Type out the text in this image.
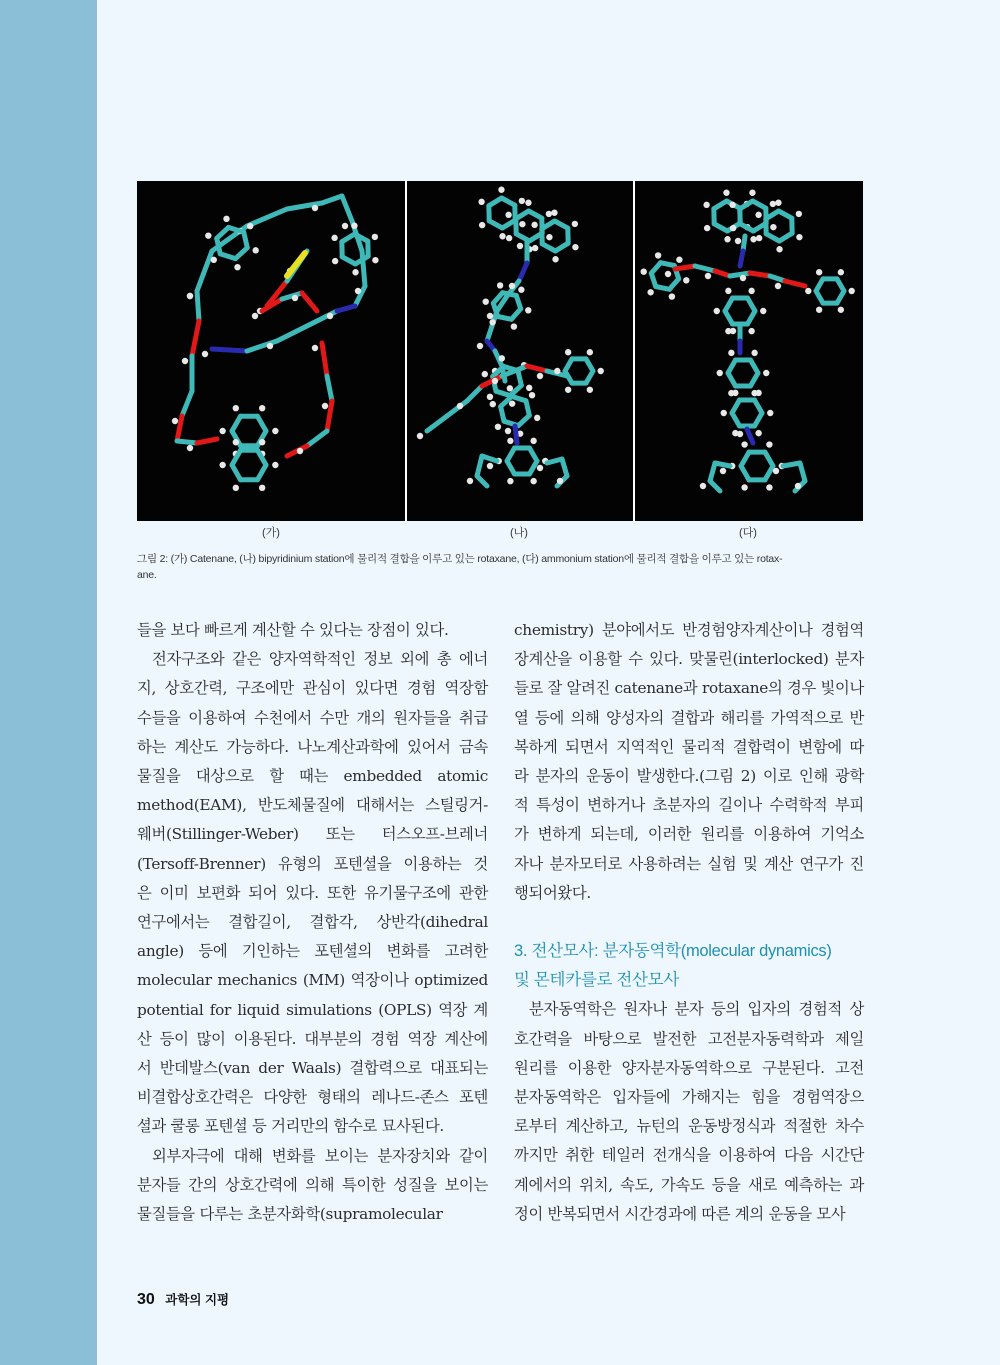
(가)	(나)	(다)
그림 2: (가) Catenane, (나) bipyridinium station에 물리적 결합을 이루고 있는 rotaxane, (다) ammonium station에 물리적 결합을 이루고 있는 rotax-
ane.
들을 보다 빠르게 계산할 수 있다는 장점이 있다.
전자구조와 같은 양자역학적인 정보 외에 총 에너
지, 상호간력, 구조에만 관심이 있다면 경험 역장함
수들을 이용하여 수천에서 수만 개의 원자들을 취급
하는 계산도 가능하다. 나노계산과학에 있어서 금속
물질을 대상으로 할 때는 embedded atomic
method(EAM), 반도체물질에 대해서는 스틸링거-
웨버(Stillinger-Weber) 또는 터스오프-브레너
(Tersoff-Brenner) 유형의 포텐셜을 이용하는 것
은 이미 보편화 되어 있다. 또한 유기물구조에 관한
연구에서는 결합길이, 결합각, 상반각(dihedral
angle) 등에 기인하는 포텐셜의 변화를 고려한
molecular mechanics (MM) 역장이나 optimized
potential for liquid simulations (OPLS) 역장 계
산 등이 많이 이용된다. 대부분의 경험 역장 계산에
서 반데발스(van der Waals) 결합력으로 대표되는
비결합상호간력은 다양한 형태의 레나드-존스 포텐
셜과 쿨롱 포텐셜 등 거리만의 함수로 묘사된다.
외부자극에 대해 변화를 보이는 분자장치와 같이
분자들 간의 상호간력에 의해 특이한 성질을 보이는
물질들을 다루는 초분자화학(supramolecular
chemistry) 분야에서도 반경험양자계산이나 경험역
장계산을 이용할 수 있다. 맞물린(interlocked) 분자
들로 잘 알려진 catenane과 rotaxane의 경우 빛이나
열 등에 의해 양성자의 결합과 해리를 가역적으로 반
복하게 되면서 지역적인 물리적 결합력이 변함에 따
라 분자의 운동이 발생한다.(그림 2) 이로 인해 광학
적 특성이 변하거나 초분자의 길이나 수력학적 부피
가 변하게 되는데, 이러한 원리를 이용하여 기억소
자나 분자모터로 사용하려는 실험 및 계산 연구가 진
행되어왔다.
3. 전산모사: 분자동역학(molecular dynamics)
및 몬테카를로 전산모사
분자동역학은 원자나 분자 등의 입자의 경험적 상
호간력을 바탕으로 발전한 고전분자동력학과 제일
원리를 이용한 양자분자동역학으로 구분된다. 고전
분자동역학은 입자들에 가해지는 힘을 경험역장으
로부터 계산하고, 뉴턴의 운동방정식과 적절한 차수
까지만 취한 테일러 전개식을 이용하여 다음 시간단
계에서의 위치, 속도, 가속도 등을 새로 예측하는 과
정이 반복되면서 시간경과에 따른 계의 운동을 모사
30 과학의 지평
